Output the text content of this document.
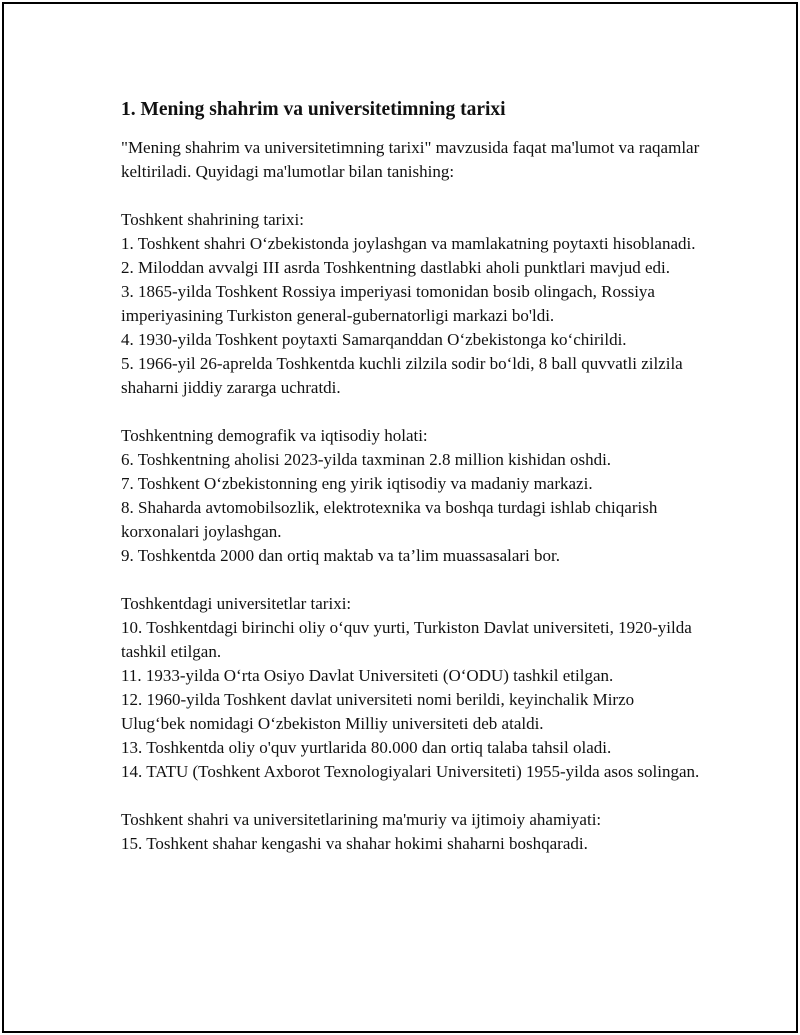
1. Mening shahrim va universitetimning tarixi

"Mening shahrim va universitetimning tarixi" mavzusida faqat ma'lumot va raqamlar keltiriladi. Quyidagi ma'lumotlar bilan tanishing:

Toshkent shahrining tarixi:

1. Toshkent shahri O‘zbekistonda joylashgan va mamlakatning poytaxti hisoblanadi.

2. Miloddan avvalgi III asrda Toshkentning dastlabki aholi punktlari mavjud edi.

3. 1865-yilda Toshkent Rossiya imperiyasi tomonidan bosib olingach, Rossiya imperiyasining Turkiston general-gubernatorligi markazi bo'ldi.

4. 1930-yilda Toshkent poytaxti Samarqanddan O‘zbekistonga ko‘chirildi.

5. 1966-yil 26-aprelda Toshkentda kuchli zilzila sodir bo‘ldi, 8 ball quvvatli zilzila shaharni jiddiy zararga uchratdi.

Toshkentning demografik va iqtisodiy holati:

6. Toshkentning aholisi 2023-yilda taxminan 2.8 million kishidan oshdi.

7. Toshkent O‘zbekistonning eng yirik iqtisodiy va madaniy markazi.

8. Shaharda avtomobilsozlik, elektrotexnika va boshqa turdagi ishlab chiqarish korxonalari joylashgan.

9. Toshkentda 2000 dan ortiq maktab va ta’lim muassasalari bor.

Toshkentdagi universitetlar tarixi:

10. Toshkentdagi birinchi oliy o‘quv yurti, Turkiston Davlat universiteti, 1920-yilda tashkil etilgan.

11. 1933-yilda O‘rta Osiyo Davlat Universiteti (O‘ODU) tashkil etilgan.

12. 1960-yilda Toshkent davlat universiteti nomi berildi, keyinchalik Mirzo Ulug‘bek nomidagi O‘zbekiston Milliy universiteti deb ataldi.

13. Toshkentda oliy o'quv yurtlarida 80.000 dan ortiq talaba tahsil oladi.

14. TATU (Toshkent Axborot Texnologiyalari Universiteti) 1955-yilda asos solingan.

Toshkent shahri va universitetlarining ma'muriy va ijtimoiy ahamiyati:

15. Toshkent shahar kengashi va shahar hokimi shaharni boshqaradi.
